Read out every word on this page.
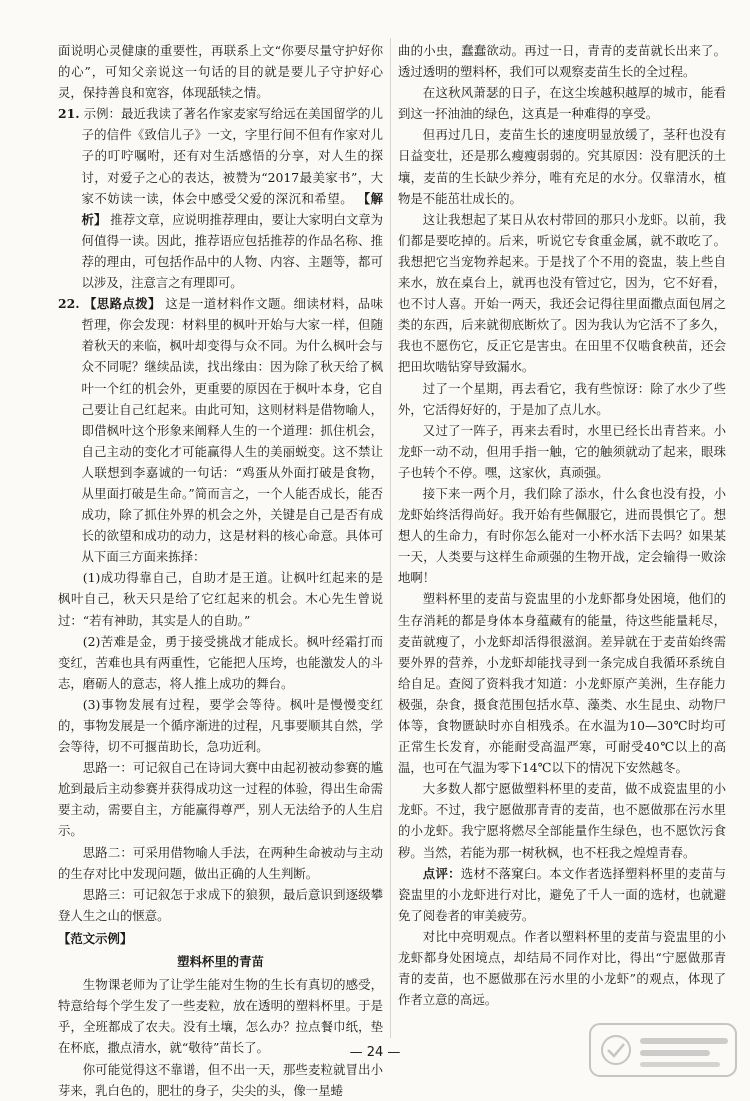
面说明心灵健康的重要性，再联系上文“你要尽量守护好你的心”，可知父亲说这一句话的目的就是要儿子守护好心灵，保持善良和宽容，体现舐犊之情。

21. 示例：最近我读了著名作家麦家写给远在美国留学的儿子的信件《致信儿子》一文，字里行间不但有作家对儿子的叮咛嘱咐，还有对生活感悟的分享，对人生的探讨，对爱子之心的表达，被赞为“2017最美家书”，大家不妨读一读，体会中感受父爱的深沉和希望。 【解析】 推荐文章，应说明推荐理由，要让大家明白文章为何值得一读。因此，推荐语应包括推荐的作品名称、推荐的理由，可包括作品中的人物、内容、主题等，都可以涉及，注意言之有理即可。

22. 【思路点拨】 这是一道材料作文题。细读材料，品味哲理，你会发现：材料里的枫叶开始与大家一样，但随着秋天的来临，枫叶却变得与众不同。为什么枫叶会与众不同呢？继续品读，找出缘由：因为除了秋天给了枫叶一个红的机会外，更重要的原因在于枫叶本身，它自己要让自己红起来。由此可知，这则材料是借物喻人，即借枫叶这个形象来阐释人生的一个道理：抓住机会，自己主动的变化才可能赢得人生的美丽蜕变。这不禁让人联想到李嘉诚的一句话：“鸡蛋从外面打破是食物，从里面打破是生命。”简而言之，一个人能否成长，能否成功，除了抓住外界的机会之外，关键是自己是否有成长的欲望和成功的动力，这是材料的核心命意。具体可从下面三方面来拣择：

(1)成功得靠自己，自助才是王道。让枫叶红起来的是枫叶自己，秋天只是给了它红起来的机会。木心先生曾说过：“若有神助，其实是人的自助。”

(2)苦难是金，勇于接受挑战才能成长。枫叶经霜打而变红，苦难也具有两重性，它能把人压垮，也能激发人的斗志，磨砺人的意志，将人推上成功的舞台。

(3)事物发展有过程，要学会等待。枫叶是慢慢变红的，事物发展是一个循序渐进的过程，凡事要顺其自然，学会等待，切不可揠苗助长，急功近利。

思路一：可记叙自己在诗词大赛中由起初被动参赛的尴尬到最后主动参赛并获得成功这一过程的体验，得出生命需要主动，需要自主，方能赢得尊严，别人无法给予的人生启示。

思路二：可采用借物喻人手法，在两种生命被动与主动的生存对比中发现问题，做出正确的人生判断。

思路三：可记叙怎于求成下的狼狈，最后意识到逐级攀登人生之山的惬意。

【范文示例】

塑料杯里的青苗

生物课老师为了让学生能对生物的生长有真切的感受，特意给每个学生发了一些麦粒，放在透明的塑料杯里。于是乎，全班都成了农夫。没有土壤，怎么办？拉点餐巾纸，垫在杯底，撒点清水，就“敬待”苗长了。

你可能觉得这不靠谱，但不出一天，那些麦粒就冒出小芽来，乳白色的，肥壮的身子，尖尖的头，像一星蜷

曲的小虫，蠢蠢欲动。再过一日，青青的麦苗就长出来了。透过透明的塑料杯，我们可以观察麦苗生长的全过程。

在这秋风萧瑟的日子，在这尘埃越积越厚的城市，能看到这一抔油油的绿色，这真是一种难得的享受。

但再过几日，麦苗生长的速度明显放缓了，茎秆也没有日益变壮，还是那么瘦瘦弱弱的。究其原因：没有肥沃的土壤，麦苗的生长缺少养分，唯有充足的水分。仅靠清水，植物是不能茁壮成长的。

这让我想起了某日从农村带回的那只小龙虾。以前，我们都是要吃掉的。后来，听说它专食重金属，就不敢吃了。我想把它当宠物养起来。于是找了个不用的瓷盅，装上些自来水，放在桌台上，就再也没有管过它，因为，它不好看，也不讨人喜。开始一两天，我还会记得往里面撒点面包屑之类的东西，后来就彻底断炊了。因为我认为它活不了多久，我也不愿伤它，反正它是害虫。在田里不仅啮食秧苗，还会把田坎啮钻穿导致漏水。

过了一个星期，再去看它，我有些惊讶：除了水少了些外，它活得好好的，于是加了点儿水。

又过了一阵子，再来去看时，水里已经长出青苔来。小龙虾一动不动，但用手指一触，它的触须就动了起来，眼珠子也转个不停。嘿，这家伙，真顽强。

接下来一两个月，我们除了添水，什么食也没有投，小龙虾始终活得尚好。我开始有些佩服它，进而畏惧它了。想想人的生命力，有时你怎么能对一小杯水活下去吗？如果某一天，人类要与这样生命顽强的生物开战，定会输得一败涂地啊！

塑料杯里的麦苗与瓷盅里的小龙虾都身处困境，他们的生存消耗的都是身体本身蕴藏有的能量，待这些能量耗尽，麦苗就瘦了，小龙虾却活得很滋润。差异就在于麦苗始终需要外界的营养，小龙虾却能找寻到一条完成自我循环系统自给自足。查阅了资料我才知道：小龙虾原产美洲，生存能力极强，杂食，摄食范围包括水草、藻类、水生昆虫、动物尸体等，食物匮缺时亦自相残杀。在水温为10—30℃时均可正常生长发育，亦能耐受高温严寒，可耐受40℃以上的高温，也可在气温为零下14℃以下的情况下安然越冬。

大多数人都宁愿做塑料杯里的麦苗，做不成瓷盅里的小龙虾。不过，我宁愿做那青青的麦苗，也不愿做那在污水里的小龙虾。我宁愿将燃尽全部能量作生绿色，也不愿饮污食秽。当然，若能为那一树秋枫，也不枉我之煌煌青春。

点评：选材不落窠臼。本文作者选择塑料杯里的麦苗与瓷盅里的小龙虾进行对比，避免了千人一面的选材，也就避免了阅卷者的审美疲劳。

对比中亮明观点。作者以塑料杯里的麦苗与瓷盅里的小龙虾都身处困境点，却结局不同作对比，得出“宁愿做那青青的麦苗，也不愿做那在污水里的小龙虾”的观点，体现了作者立意的高远。

— 24 —
